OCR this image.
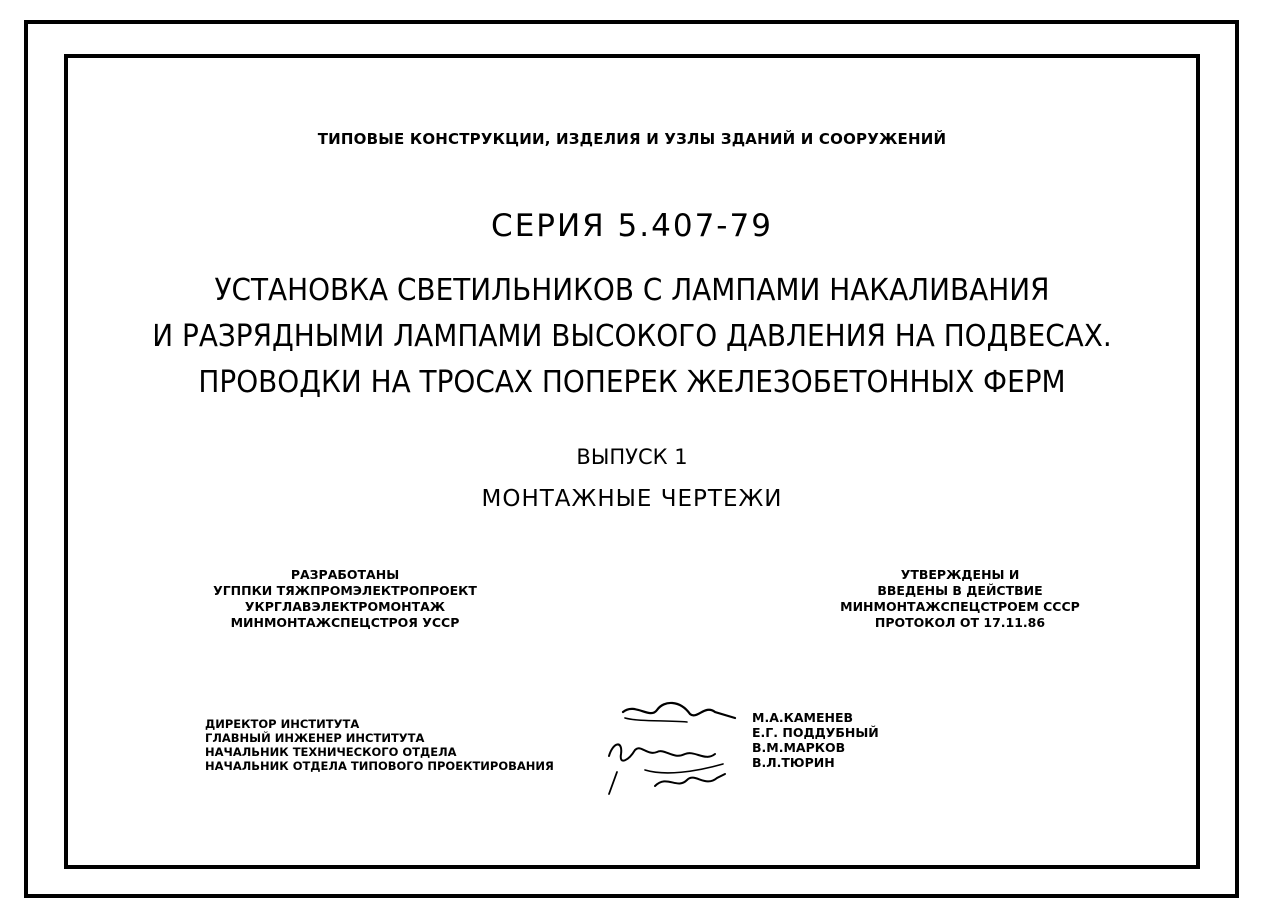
ТИПОВЫЕ КОНСТРУКЦИИ, ИЗДЕЛИЯ И УЗЛЫ ЗДАНИЙ И СООРУЖЕНИЙ
СЕРИЯ 5.407-79
УСТАНОВКА СВЕТИЛЬНИКОВ С ЛАМПАМИ НАКАЛИВАНИЯ
И РАЗРЯДНЫМИ ЛАМПАМИ ВЫСОКОГО ДАВЛЕНИЯ НА ПОДВЕСАХ.
ПРОВОДКИ НА ТРОСАХ ПОПЕРЕК ЖЕЛЕЗОБЕТОННЫХ ФЕРМ
ВЫПУСК 1
МОНТАЖНЫЕ ЧЕРТЕЖИ
РАЗРАБОТАНЫ
УГППКИ ТЯЖПРОМЭЛЕКТРОПРОЕКТ
УКРГЛАВЭЛЕКТРОМОНТАЖ
МИНМОНТАЖСПЕЦСТРОЯ УССР
УТВЕРЖДЕНЫ И
ВВЕДЕНЫ В ДЕЙСТВИЕ
МИНМОНТАЖСПЕЦСТРОЕМ СССР
ПРОТОКОЛ ОТ 17.11.86
ДИРЕКТОР ИНСТИТУТА
ГЛАВНЫЙ ИНЖЕНЕР ИНСТИТУТА
НАЧАЛЬНИК ТЕХНИЧЕСКОГО ОТДЕЛА
НАЧАЛЬНИК ОТДЕЛА ТИПОВОГО ПРОЕКТИРОВАНИЯ
М.А.КАМЕНЕВ
Е.Г. ПОДДУБНЫЙ
В.М.МАРКОВ
В.Л.ТЮРИН
